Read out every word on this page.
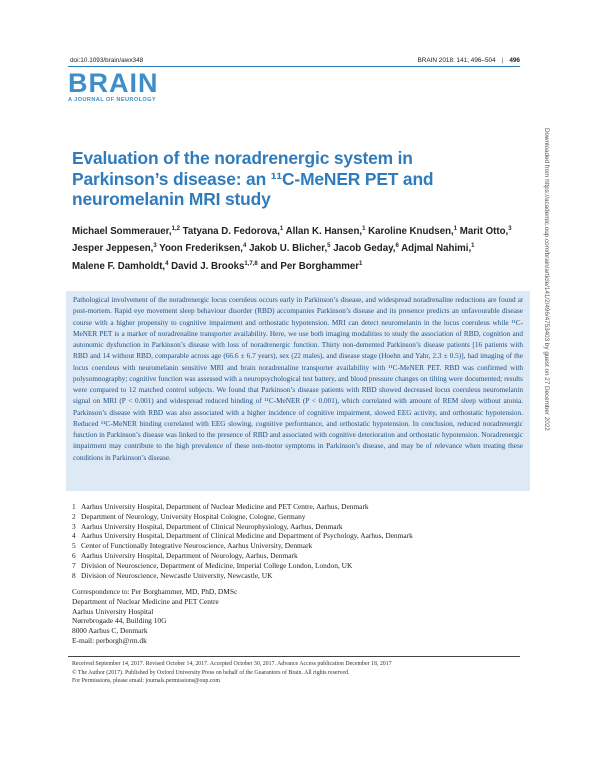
doi:10.1093/brain/awx348	BRAIN 2018: 141; 496–504 | 496
BRAIN
A JOURNAL OF NEUROLOGY
Evaluation of the noradrenergic system in Parkinson’s disease: an ¹¹C-MeNER PET and neuromelanin MRI study
Michael Sommerauer,$^{1,2}$ Tatyana D. Fedorova,$^1$ Allan K. Hansen,$^1$ Karoline Knudsen,$^1$ Marit Otto,$^3$ Jesper Jeppesen,$^3$ Yoon Frederiksen,$^4$ Jakob U. Blicher,$^5$ Jacob Geday,$^6$ Adjmal Nahimi,$^1$ Malene F. Damholdt,$^4$ David J. Brooks$^{1,7,8}$ and Per Borghammer$^1$
Pathological involvement of the noradrenergic locus coeruleus occurs early in Parkinson’s disease, and widespread noradrenaline reductions are found at post-mortem. Rapid eye movement sleep behaviour disorder (RBD) accompanies Parkinson’s disease and its presence predicts an unfavourable disease course with a higher propensity to cognitive impairment and orthostatic hypotension. MRI can detect neuromelanin in the locus coeruleus while ¹¹C-MeNER PET is a marker of noradrenaline transporter availability. Here, we use both imaging modalities to study the association of RBD, cognition and autonomic dysfunction in Parkinson’s disease with loss of noradrenergic function. Thirty non-demented Parkinson’s disease patients [16 patients with RBD and 14 without RBD, comparable across age (66.6 ± 6.7 years), sex (22 males), and disease stage (Hoehn and Yahr, 2.3 ± 0.5)], had imaging of the locus coeruleus with neuromelanin sensitive MRI and brain noradrenaline transporter availability with ¹¹C-MeNER PET. RBD was confirmed with polysomnography; cognitive function was assessed with a neuropsychological test battery, and blood pressure changes on tilting were documented; results were compared to 12 matched control subjects. We found that Parkinson’s disease patients with RBD showed decreased locus coeruleus neuromelanin signal on MRI (P < 0.001) and widespread reduced binding of ¹¹C-MeNER (P < 0.001), which correlated with amount of REM sleep without atonia. Parkinson’s disease with RBD was also associated with a higher incidence of cognitive impairment, slowed EEG activity, and orthostatic hypotension. Reduced ¹¹C-MeNER binding correlated with EEG slowing, cognitive performance, and orthostatic hypotension. In conclusion, reduced noradrenergic function in Parkinson’s disease was linked to the presence of RBD and associated with cognitive deterioration and orthostatic hypotension. Noradrenergic impairment may contribute to the high prevalence of these non-motor symptoms in Parkinson’s disease, and may be of relevance when treating these conditions in Parkinson’s disease.
1 Aarhus University Hospital, Department of Nuclear Medicine and PET Centre, Aarhus, Denmark
2 Department of Neurology, University Hospital Cologne, Cologne, Germany
3 Aarhus University Hospital, Department of Clinical Neurophysiology, Aarhus, Denmark
4 Aarhus University Hospital, Department of Clinical Medicine and Department of Psychology, Aarhus, Denmark
5 Center of Functionally Integrative Neuroscience, Aarhus University, Denmark
6 Aarhus University Hospital, Department of Neurology, Aarhus, Denmark
7 Division of Neuroscience, Department of Medicine, Imperial College London, London, UK
8 Division of Neuroscience, Newcastle University, Newcastle, UK
Correspondence to: Per Borghammer, MD, PhD, DMSc
Department of Nuclear Medicine and PET Centre
Aarhus University Hospital
Nørrebrogade 44, Building 10G
8000 Aarhus C, Denmark
E-mail: perborgh@rm.dk
Received September 14, 2017. Revised October 14, 2017. Accepted October 30, 2017. Advance Access publication December 18, 2017
© The Author (2017). Published by Oxford University Press on behalf of the Guarantors of Brain. All rights reserved.
For Permissions, please email: journals.permissions@oup.com
Downloaded from https://academic.oup.com/brain/article/141/2/496/4753403 by guest on 27 December 2022
